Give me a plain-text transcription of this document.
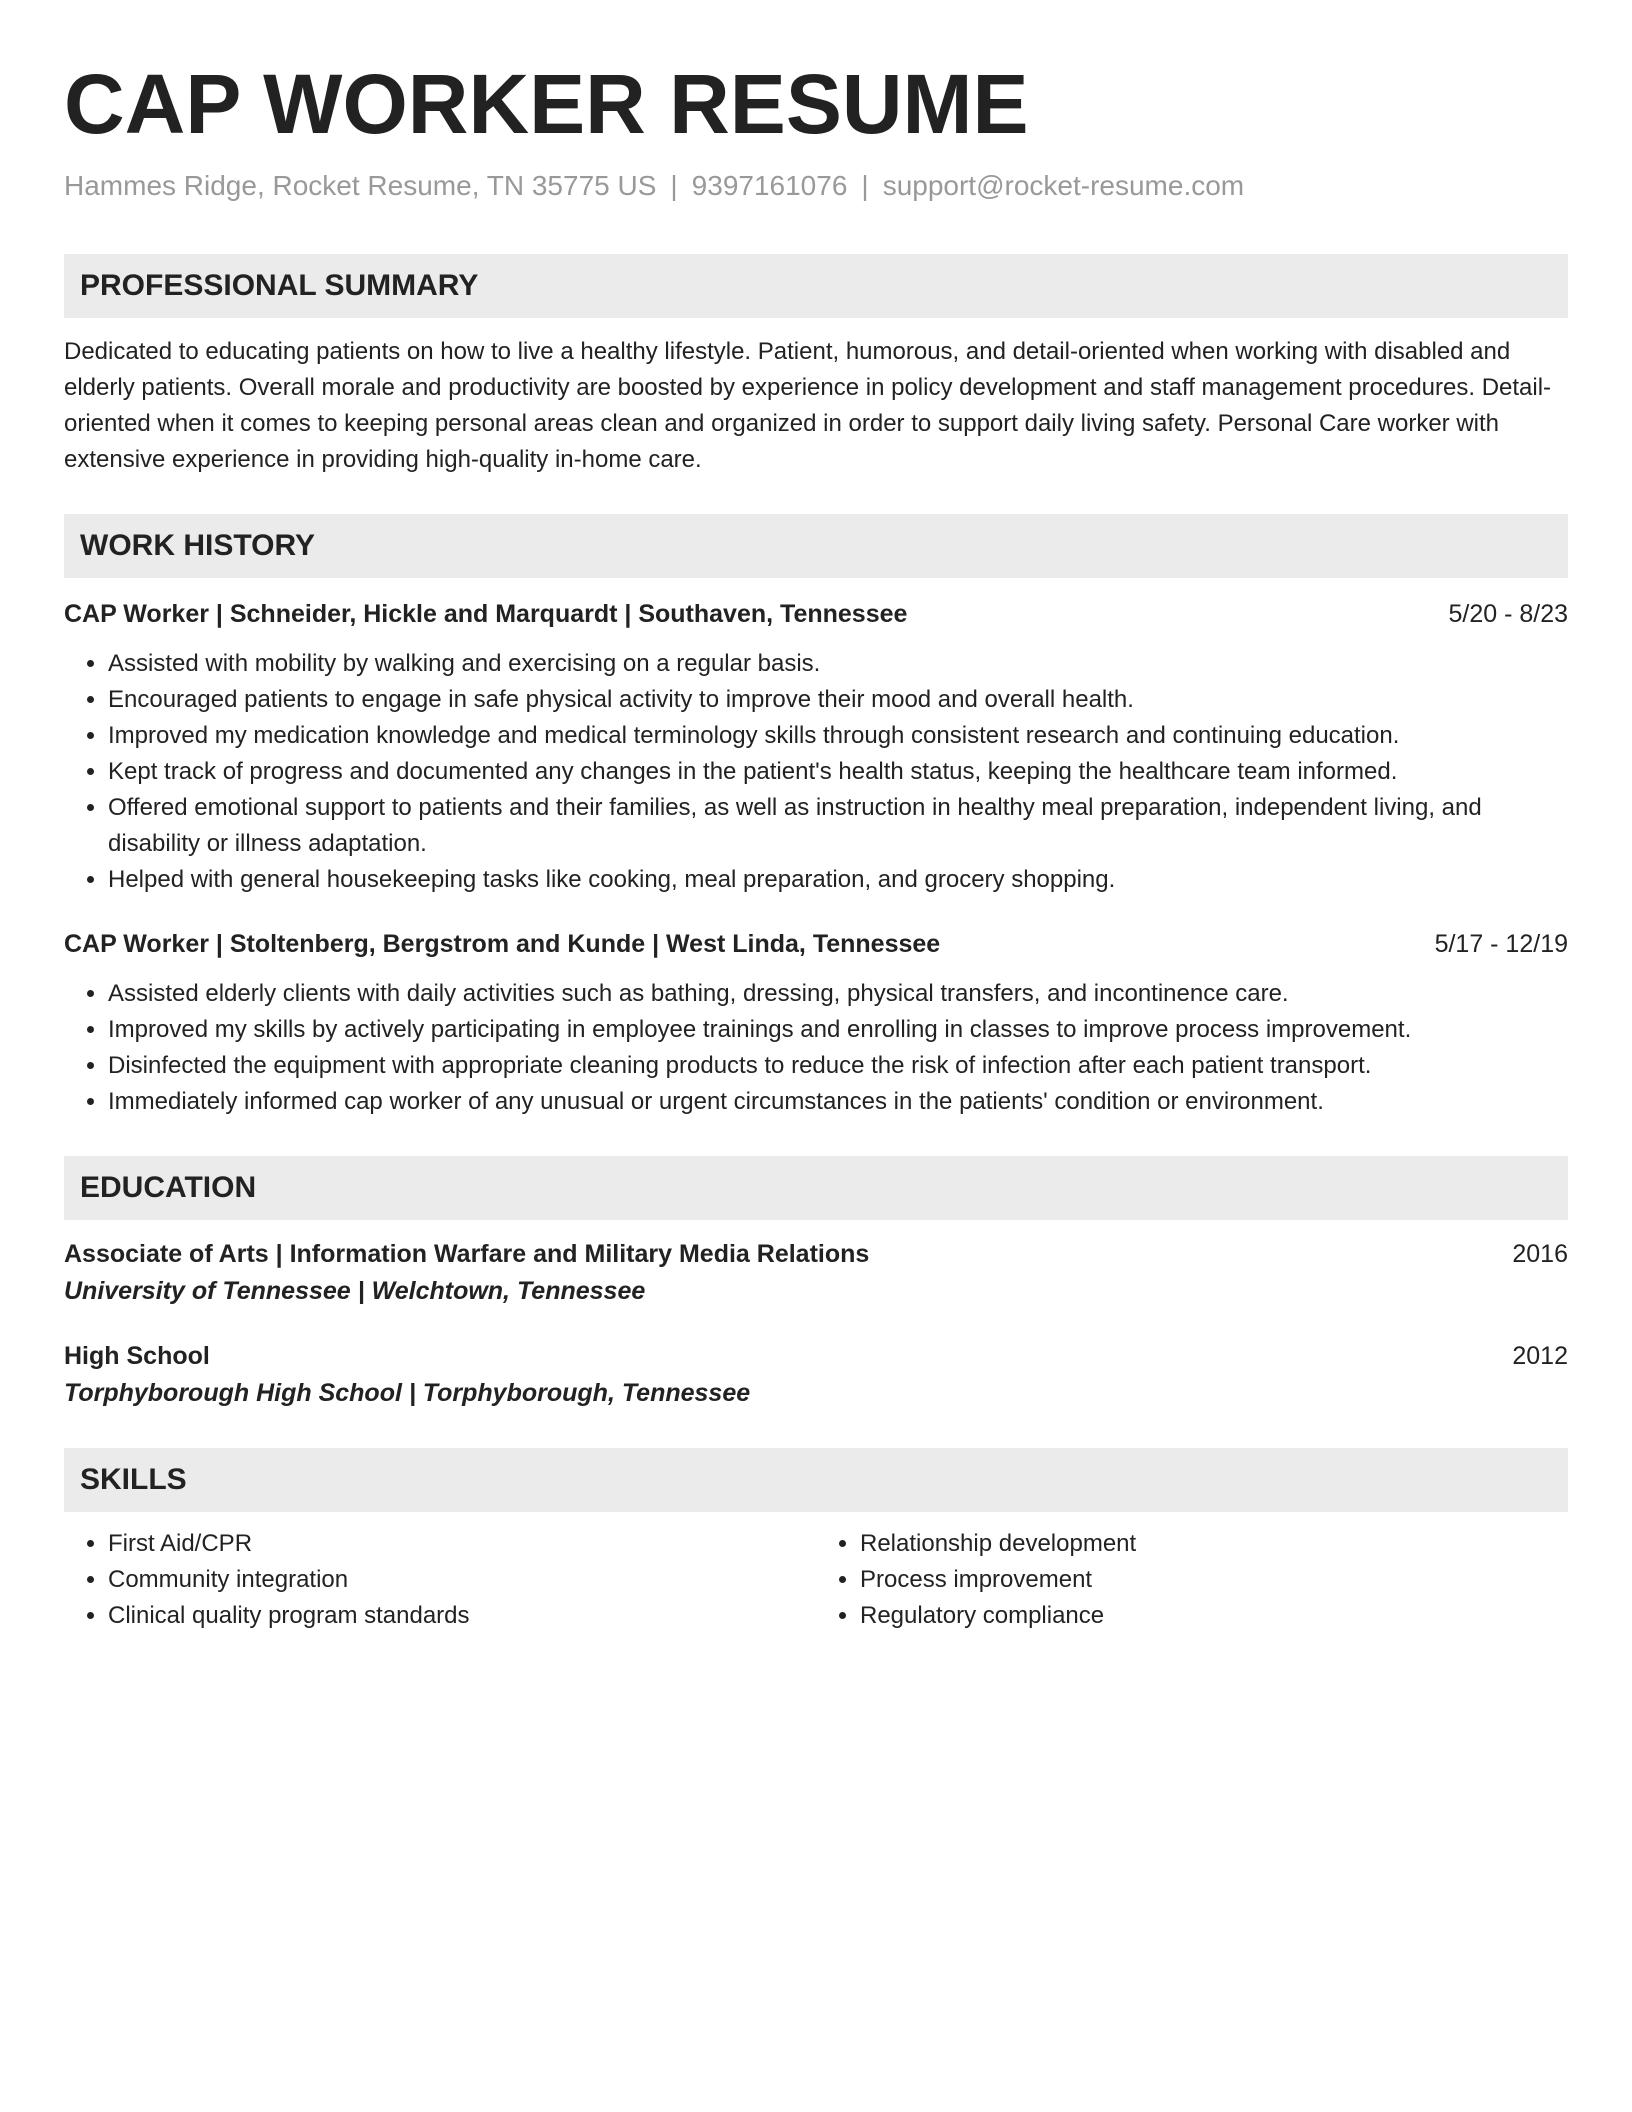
CAP WORKER RESUME
Hammes Ridge, Rocket Resume, TN 35775 US | 9397161076 | support@rocket-resume.com
PROFESSIONAL SUMMARY
Dedicated to educating patients on how to live a healthy lifestyle. Patient, humorous, and detail-oriented when working with disabled and elderly patients. Overall morale and productivity are boosted by experience in policy development and staff management procedures. Detail-oriented when it comes to keeping personal areas clean and organized in order to support daily living safety. Personal Care worker with extensive experience in providing high-quality in-home care.
WORK HISTORY
CAP Worker | Schneider, Hickle and Marquardt | Southaven, Tennessee	5/20 - 8/23
• Assisted with mobility by walking and exercising on a regular basis.
• Encouraged patients to engage in safe physical activity to improve their mood and overall health.
• Improved my medication knowledge and medical terminology skills through consistent research and continuing education.
• Kept track of progress and documented any changes in the patient's health status, keeping the healthcare team informed.
• Offered emotional support to patients and their families, as well as instruction in healthy meal preparation, independent living, and disability or illness adaptation.
• Helped with general housekeeping tasks like cooking, meal preparation, and grocery shopping.
CAP Worker | Stoltenberg, Bergstrom and Kunde | West Linda, Tennessee	5/17 - 12/19
• Assisted elderly clients with daily activities such as bathing, dressing, physical transfers, and incontinence care.
• Improved my skills by actively participating in employee trainings and enrolling in classes to improve process improvement.
• Disinfected the equipment with appropriate cleaning products to reduce the risk of infection after each patient transport.
• Immediately informed cap worker of any unusual or urgent circumstances in the patients' condition or environment.
EDUCATION
Associate of Arts | Information Warfare and Military Media Relations	2016
University of Tennessee | Welchtown, Tennessee
High School	2012
Torphyborough High School | Torphyborough, Tennessee
SKILLS
• First Aid/CPR
• Community integration
• Clinical quality program standards
• Relationship development
• Process improvement
• Regulatory compliance
